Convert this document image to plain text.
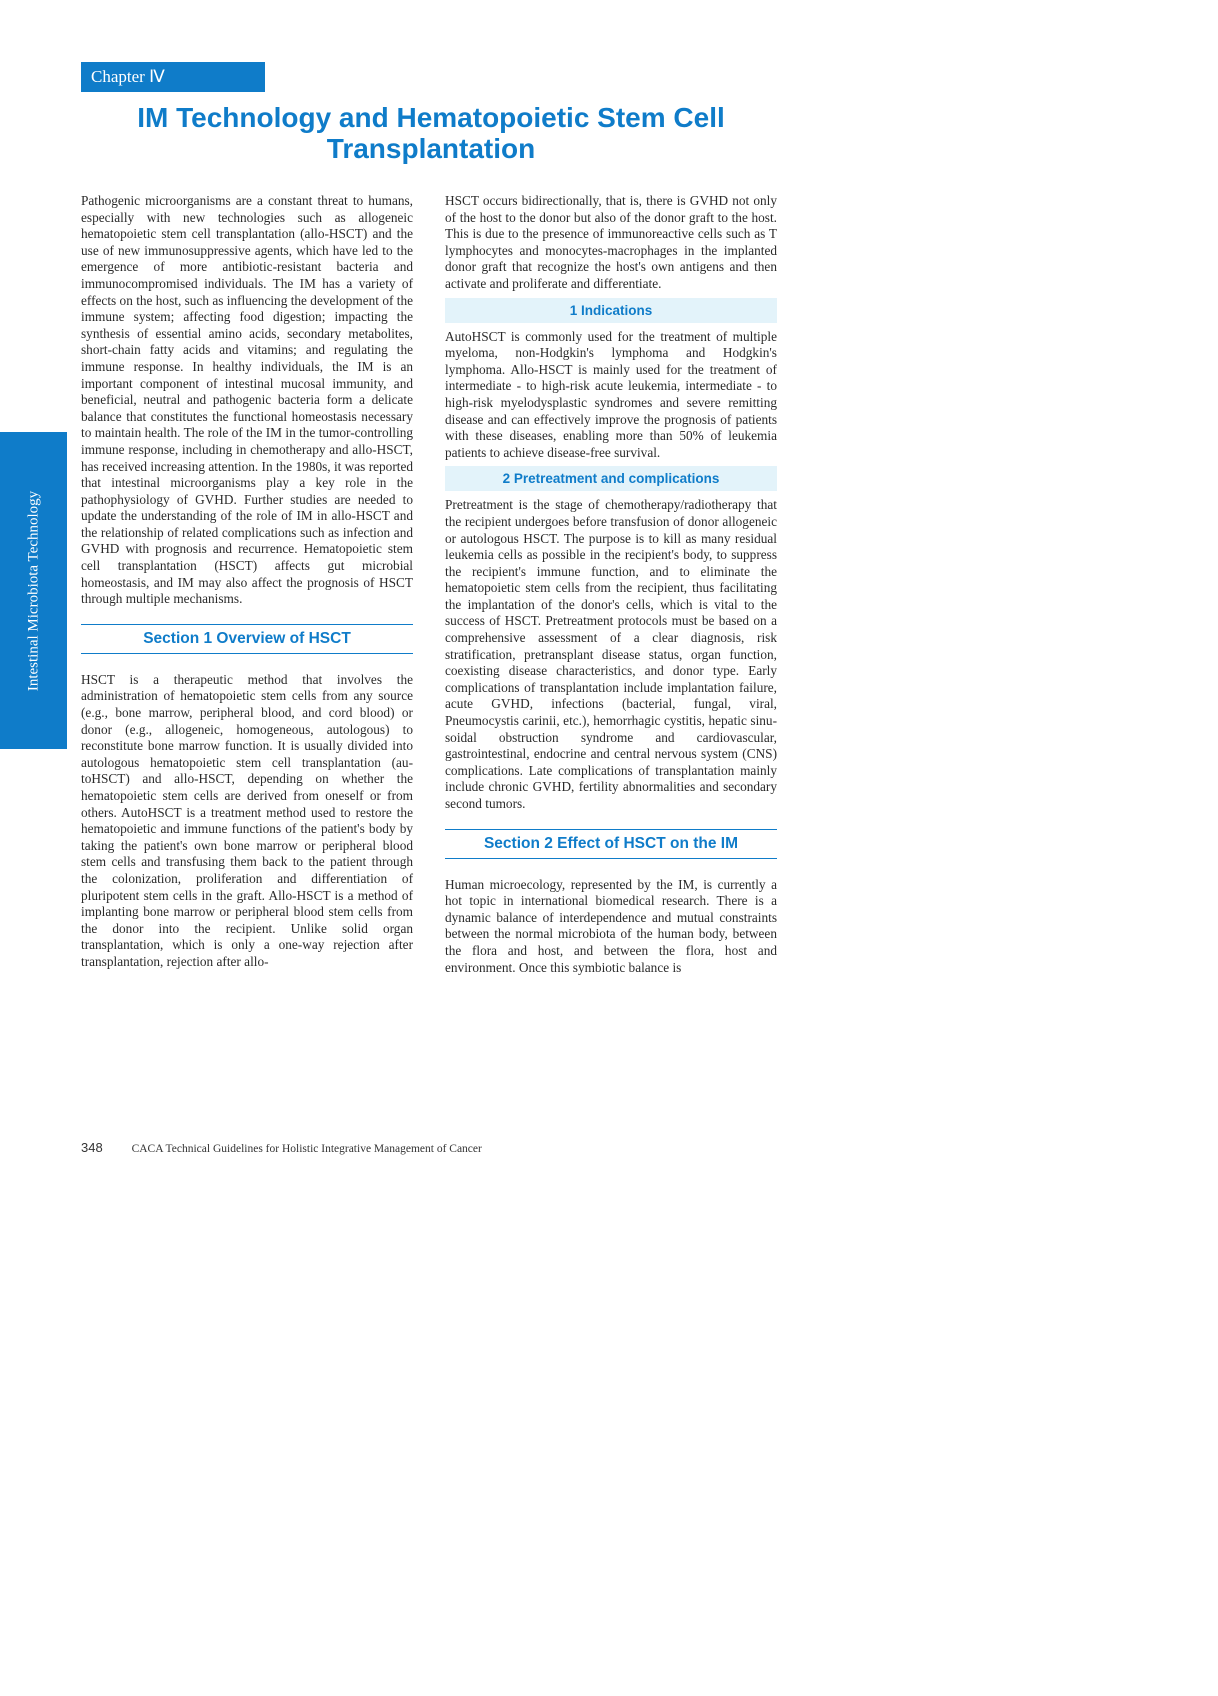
Chapter Ⅳ
IM Technology and Hematopoietic Stem Cell Transplantation
Intestinal Microbiota Technology

Pathogenic microorganisms are a constant threat to humans, especially with new technologies such as allogeneic hematopoietic stem cell transplantation (allo-HSCT) and the use of new immunosuppressive agents, which have led to the emergence of more antibiotic-resistant bacteria and immunocompromised individuals. The IM has a variety of effects on the host, such as influencing the development of the immune system; affecting food digestion; impacting the synthesis of essential amino acids, secondary metabolites, short-chain fatty acids and vitamins; and regulating the immune response. In healthy individuals, the IM is an important component of intestinal mucosal immunity, and beneficial, neutral and pathogenic bacteria form a delicate balance that constitutes the functional homeostasis necessary to maintain health. The role of the IM in the tumor-controlling immune response, including in chemotherapy and allo-HSCT, has received increasing attention. In the 1980s, it was reported that intestinal microorganisms play a key role in the pathophysiology of GVHD. Further studies are needed to update the understanding of the role of IM in allo-HSCT and the relationship of related complications such as infection and GVHD with prognosis and recurrence. Hematopoietic stem cell transplantation (HSCT) affects gut microbial homeostasis, and IM may also affect the prognosis of HSCT through multiple mechanisms.

Section 1 Overview of HSCT

HSCT is a therapeutic method that involves the administration of hematopoietic stem cells from any source (e.g., bone marrow, peripheral blood, and cord blood) or donor (e.g., allogeneic, homogeneous, autologous) to reconstitute bone marrow function. It is usually divided into autologous hematopoietic stem cell transplantation (autoHSCT) and allo-HSCT, depending on whether the hematopoietic stem cells are derived from oneself or from others. AutoHSCT is a treatment method used to restore the hematopoietic and immune functions of the patient's body by taking the patient's own bone marrow or peripheral blood stem cells and transfusing them back to the patient through the colonization, proliferation and differentiation of pluripotent stem cells in the graft. Allo-HSCT is a method of implanting bone marrow or peripheral blood stem cells from the donor into the recipient. Unlike solid organ transplantation, which is only a one-way rejection after transplantation, rejection after allo-

HSCT occurs bidirectionally, that is, there is GVHD not only of the host to the donor but also of the donor graft to the host. This is due to the presence of immunoreactive cells such as T lymphocytes and monocytes-macrophages in the implanted donor graft that recognize the host's own antigens and then activate and proliferate and differentiate.

1 Indications

AutoHSCT is commonly used for the treatment of multiple myeloma, non-Hodgkin's lymphoma and Hodgkin's lymphoma. Allo-HSCT is mainly used for the treatment of intermediate - to high-risk acute leukemia, intermediate - to high-risk myelodysplastic syndromes and severe remitting disease and can effectively improve the prognosis of patients with these diseases, enabling more than 50% of leukemia patients to achieve disease-free survival.

2 Pretreatment and complications

Pretreatment is the stage of chemotherapy/radiotherapy that the recipient undergoes before transfusion of donor allogeneic or autologous HSCT. The purpose is to kill as many residual leukemia cells as possible in the recipient's body, to suppress the recipient's immune function, and to eliminate the hematopoietic stem cells from the recipient, thus facilitating the implantation of the donor's cells, which is vital to the success of HSCT. Pretreatment protocols must be based on a comprehensive assessment of a clear diagnosis, risk stratification, pretransplant disease status, organ function, coexisting disease characteristics, and donor type. Early complications of transplantation include implantation failure, acute GVHD, infections (bacterial, fungal, viral, Pneumocystis carinii, etc.), hemorrhagic cystitis, hepatic sinusoidal obstruction syndrome and cardiovascular, gastrointestinal, endocrine and central nervous system (CNS) complications. Late complications of transplantation mainly include chronic GVHD, fertility abnormalities and secondary second tumors.

Section 2 Effect of HSCT on the IM

Human microecology, represented by the IM, is currently a hot topic in international biomedical research. There is a dynamic balance of interdependence and mutual constraints between the normal microbiota of the human body, between the flora and host, and between the flora, host and environment. Once this symbiotic balance is

348	CACA Technical Guidelines for Holistic Integrative Management of Cancer
